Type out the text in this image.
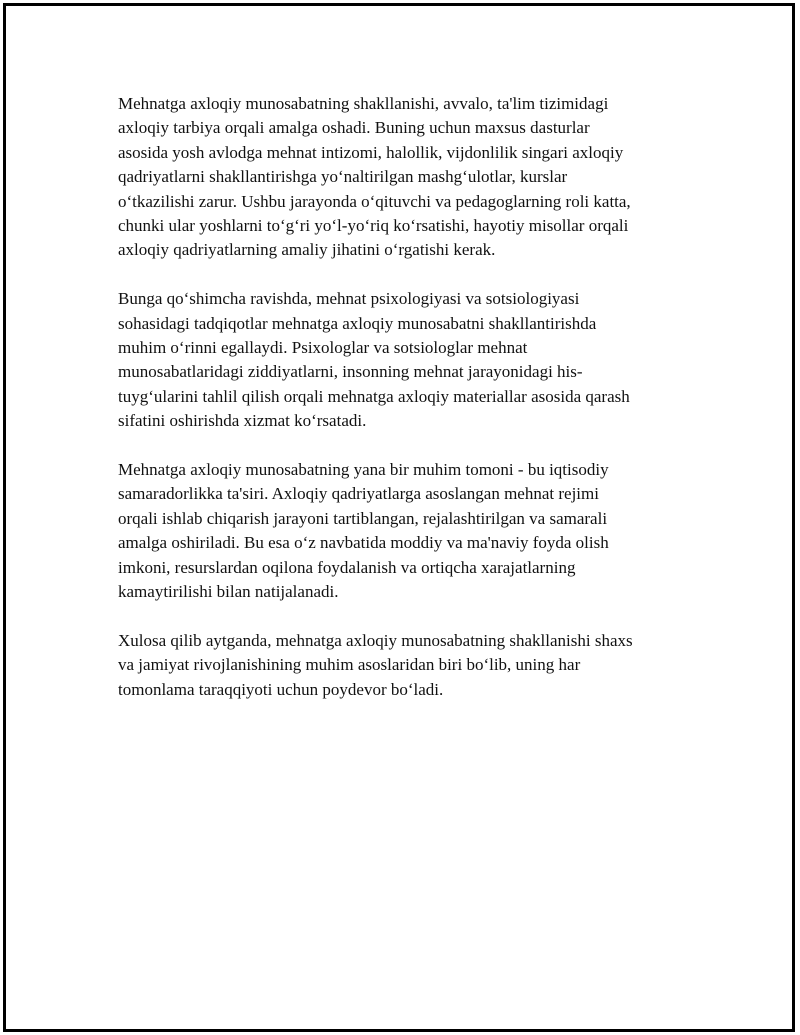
Mehnatga axloqiy munosabatning shakllanishi, avvalo, ta'lim tizimidagi
axloqiy tarbiya orqali amalga oshadi. Buning uchun maxsus dasturlar
asosida yosh avlodga mehnat intizomi, halollik, vijdonlilik singari axloqiy
qadriyatlarni shakllantirishga yo‘naltirilgan mashg‘ulotlar, kurslar
o‘tkazilishi zarur. Ushbu jarayonda o‘qituvchi va pedagoglarning roli katta,
chunki ular yoshlarni to‘g‘ri yo‘l-yo‘riq ko‘rsatishi, hayotiy misollar orqali
axloqiy qadriyatlarning amaliy jihatini o‘rgatishi kerak.

Bunga qo‘shimcha ravishda, mehnat psixologiyasi va sotsiologiyasi
sohasidagi tadqiqotlar mehnatga axloqiy munosabatni shakllantirishda
muhim o‘rinni egallaydi. Psixologlar va sotsiologlar mehnat
munosabatlaridagi ziddiyatlarni, insonning mehnat jarayonidagi his-
tuyg‘ularini tahlil qilish orqali mehnatga axloqiy materiallar asosida qarash
sifatini oshirishda xizmat ko‘rsatadi.

Mehnatga axloqiy munosabatning yana bir muhim tomoni - bu iqtisodiy
samaradorlikka ta'siri. Axloqiy qadriyatlarga asoslangan mehnat rejimi
orqali ishlab chiqarish jarayoni tartiblangan, rejalashtirilgan va samarali
amalga oshiriladi. Bu esa o‘z navbatida moddiy va ma'naviy foyda olish
imkoni, resurslardan oqilona foydalanish va ortiqcha xarajatlarning
kamaytirilishi bilan natijalanadi.

Xulosa qilib aytganda, mehnatga axloqiy munosabatning shakllanishi shaxs
va jamiyat rivojlanishining muhim asoslaridan biri bo‘lib, uning har
tomonlama taraqqiyoti uchun poydevor bo‘ladi.
